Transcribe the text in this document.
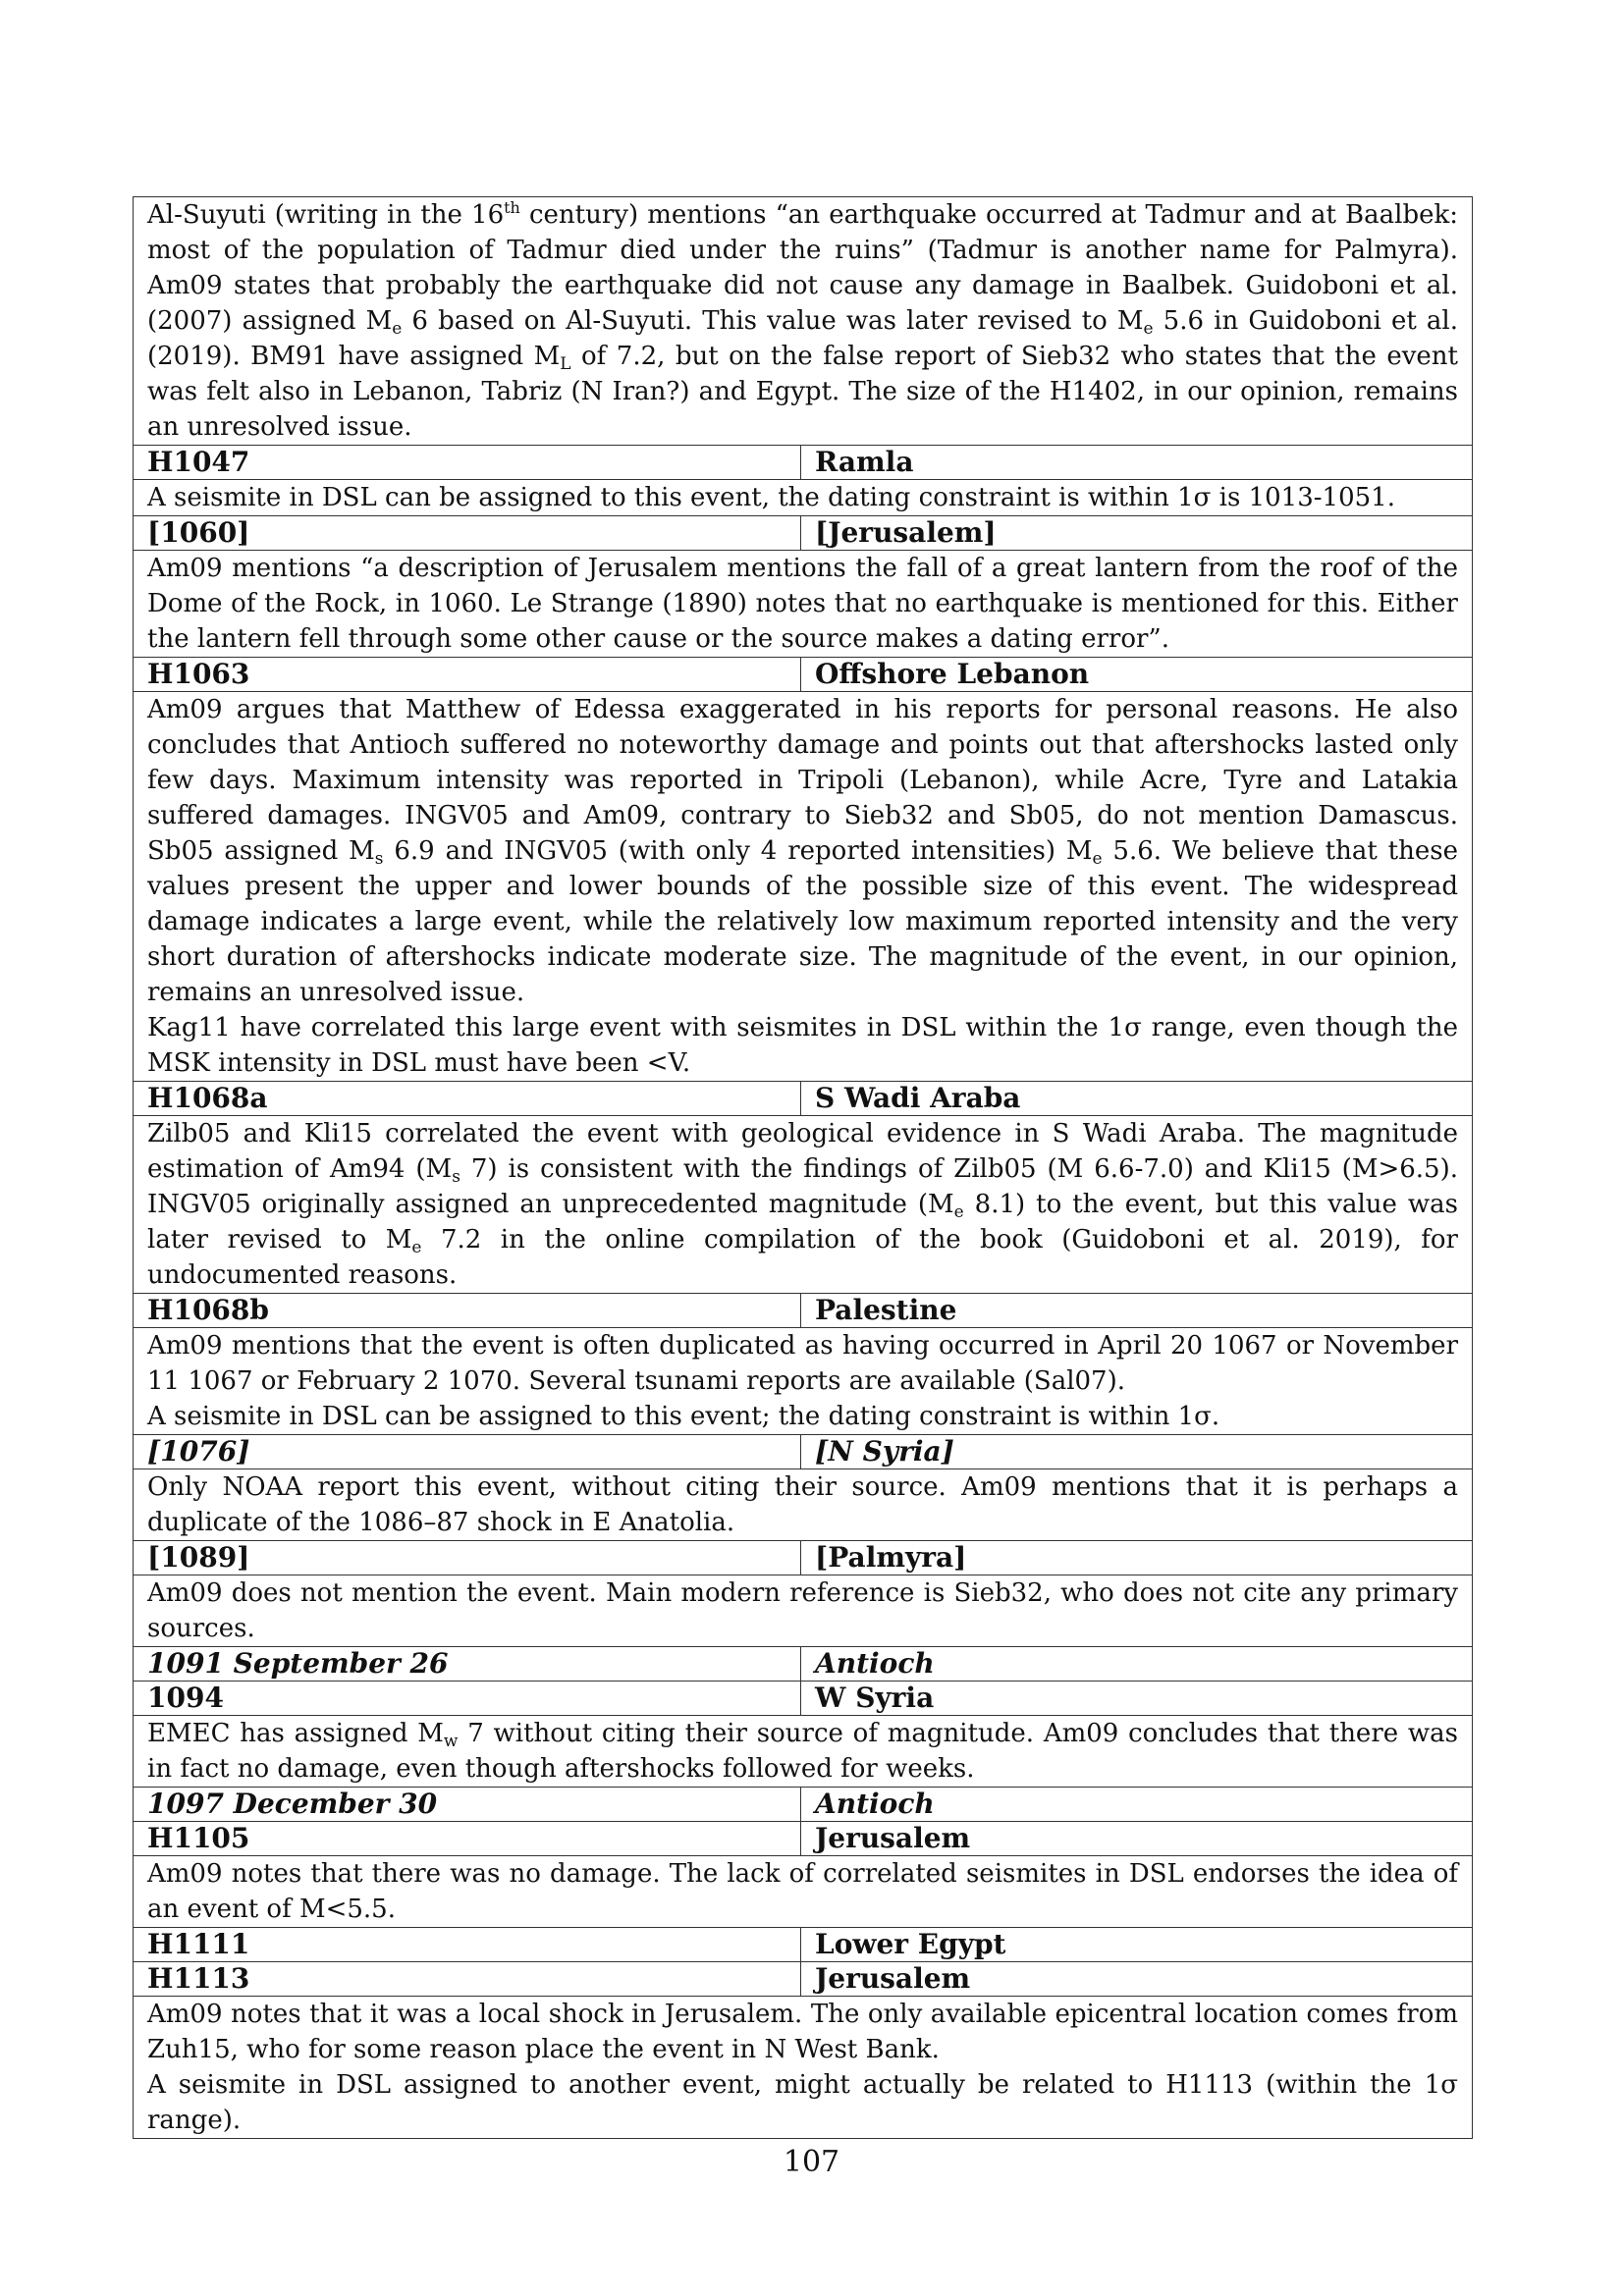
Al-Suyuti (writing in the 16th century) mentions “an earthquake occurred at Tadmur and at Baalbek: most of the population of Tadmur died under the ruins” (Tadmur is another name for Palmyra). Am09 states that probably the earthquake did not cause any damage in Baalbek. Guidoboni et al. (2007) assigned $M_e$ 6 based on Al-Suyuti. This value was later revised to $M_e$ 5.6 in Guidoboni et al. (2019). BM91 have assigned $M_L$ of 7.2, but on the false report of Sieb32 who states that the event was felt also in Lebanon, Tabriz (N Iran?) and Egypt. The size of the H1402, in our opinion, remains an unresolved issue.	

H1047	Ramla
A seismite in DSL can be assigned to this event, the dating constraint is within 1σ is 1013-1051.	
[1060]	[Jerusalem]
Am09 mentions “a description of Jerusalem mentions the fall of a great lantern from the roof of the Dome of the Rock, in 1060. Le Strange (1890) notes that no earthquake is mentioned for this. Either the lantern fell through some other cause or the source makes a dating error”.	
H1063	Offshore Lebanon

Am09 argues that Matthew of Edessa exaggerated in his reports for personal reasons. He also concludes that Antioch suffered no noteworthy damage and points out that aftershocks lasted only few days. Maximum intensity was reported in Tripoli (Lebanon), while Acre, Tyre and Latakia suffered damages. INGV05 and Am09, contrary to Sieb32 and Sb05, do not mention Damascus. Sb05 assigned $M_s$ 6.9 and INGV05 (with only 4 reported intensities) $M_e$ 5.6. We believe that these values present the upper and lower bounds of the possible size of this event. The widespread damage indicates a large event, while the relatively low maximum reported intensity and the very short duration of aftershocks indicate moderate size. The magnitude of the event, in our opinion, remains an unresolved issue.

Kag11 have correlated this large event with seismites in DSL within the 1σ range, even though the MSK intensity in DSL must have been <V.	

H1068a	S Wadi Araba

Zilb05 and Kli15 correlated the event with geological evidence in S Wadi Araba. The magnitude estimation of Am94 ($M_s$ 7) is consistent with the findings of Zilb05 (M 6.6-7.0) and Kli15 (M>6.5). INGV05 originally assigned an unprecedented magnitude ($M_e$ 8.1) to the event, but this value was later revised to $M_e$ 7.2 in the online compilation of the book (Guidoboni et al. 2019), for undocumented reasons.	

H1068b	Palestine

Am09 mentions that the event is often duplicated as having occurred in April 20 1067 or November 11 1067 or February 2 1070. Several tsunami reports are available (Sal07).

A seismite in DSL can be assigned to this event; the dating constraint is within 1σ.	

[1076]	[N Syria]
Only NOAA report this event, without citing their source. Am09 mentions that it is perhaps a duplicate of the 1086–87 shock in E Anatolia.	
[1089]	[Palmyra]
Am09 does not mention the event. Main modern reference is Sieb32, who does not cite any primary sources.	
1091 September 26	Antioch
1094	W Syria

EMEC has assigned $M_w$ 7 without citing their source of magnitude. Am09 concludes that there was in fact no damage, even though aftershocks followed for weeks.	

1097 December 30	Antioch
H1105	Jerusalem
Am09 notes that there was no damage. The lack of correlated seismites in DSL endorses the idea of an event of M<5.5.	
H1111	Lower Egypt
H1113	Jerusalem

Am09 notes that it was a local shock in Jerusalem. The only available epicentral location comes from Zuh15, who for some reason place the event in N West Bank.

A seismite in DSL assigned to another event, might actually be related to H1113 (within the 1σ range).	

107
